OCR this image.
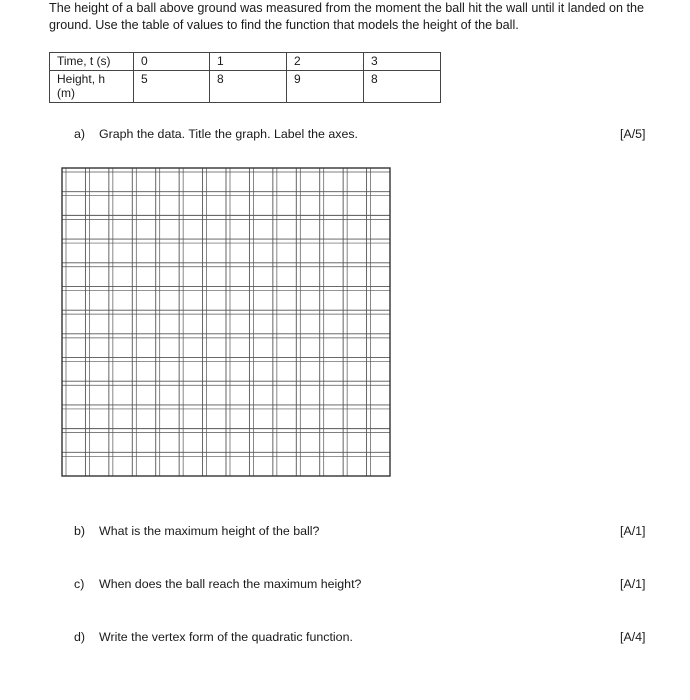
The height of a ball above ground was measured from the moment the ball hit the wall until it landed on the ground. Use the table of values to find the function that models the height of the ball.

Time, t (s)	0	1	2	3
Height, h (m)	5	8	9	8
a) Graph the data. Title the graph. Label the axes.	[A/5]
b) What is the maximum height of the ball?	[A/1]
c) When does the ball reach the maximum height?	[A/1]
d) Write the vertex form of the quadratic function.	[A/4]
